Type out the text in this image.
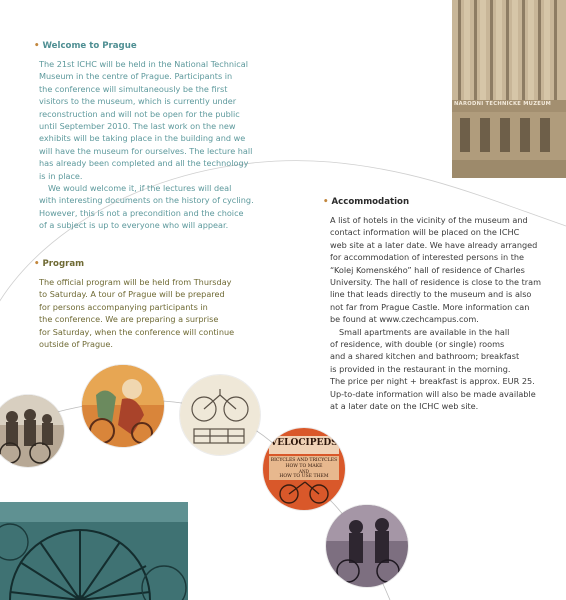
• Welcome to Prague
The 21st ICHC will be held in the National Technical
Museum in the centre of Prague. Participants in
the conference will simultaneously be the first
visitors to the museum, which is currently under
reconstruction and will not be open for the public
until September 2010. The last work on the new
exhibits will be taking place in the building and we
will have the museum for ourselves. The lecture hall
has already been completed and all the technology
is in place.
We would welcome it, if the lectures will deal
with interesting documents on the history of cycling.
However, this is not a precondition and the choice
of a subject is up to everyone who will appear.
• Program
The official program will be held from Thursday
to Saturday. A tour of Prague will be prepared
for persons accompanying participants in
the conference. We are preparing a surprise
for Saturday, when the conference will continue
outside of Prague.
• Accommodation
A list of hotels in the vicinity of the museum and
contact information will be placed on the ICHC
web site at a later date. We have already arranged
for accommodation of interested persons in the
“Kolej Komenského” hall of residence of Charles
University. The hall of residence is close to the tram
line that leads directly to the museum and is also
not far from Prague Castle. More information can
be found at www.czechcampus.com.
Small apartments are available in the hall
of residence, with double (or single) rooms
and a shared kitchen and bathroom; breakfast
is provided in the restaurant in the morning.
The price per night + breakfast is approx. EUR 25.
Up-to-date information will also be made available
at a later date on the ICHC web site.
NÁRODNÍ TECHNICKÉ MUZEUM
VELOCIPEDS
BICYCLES AND TRICYCLES
HOW TO MAKE
AND
HOW TO USE THEM
